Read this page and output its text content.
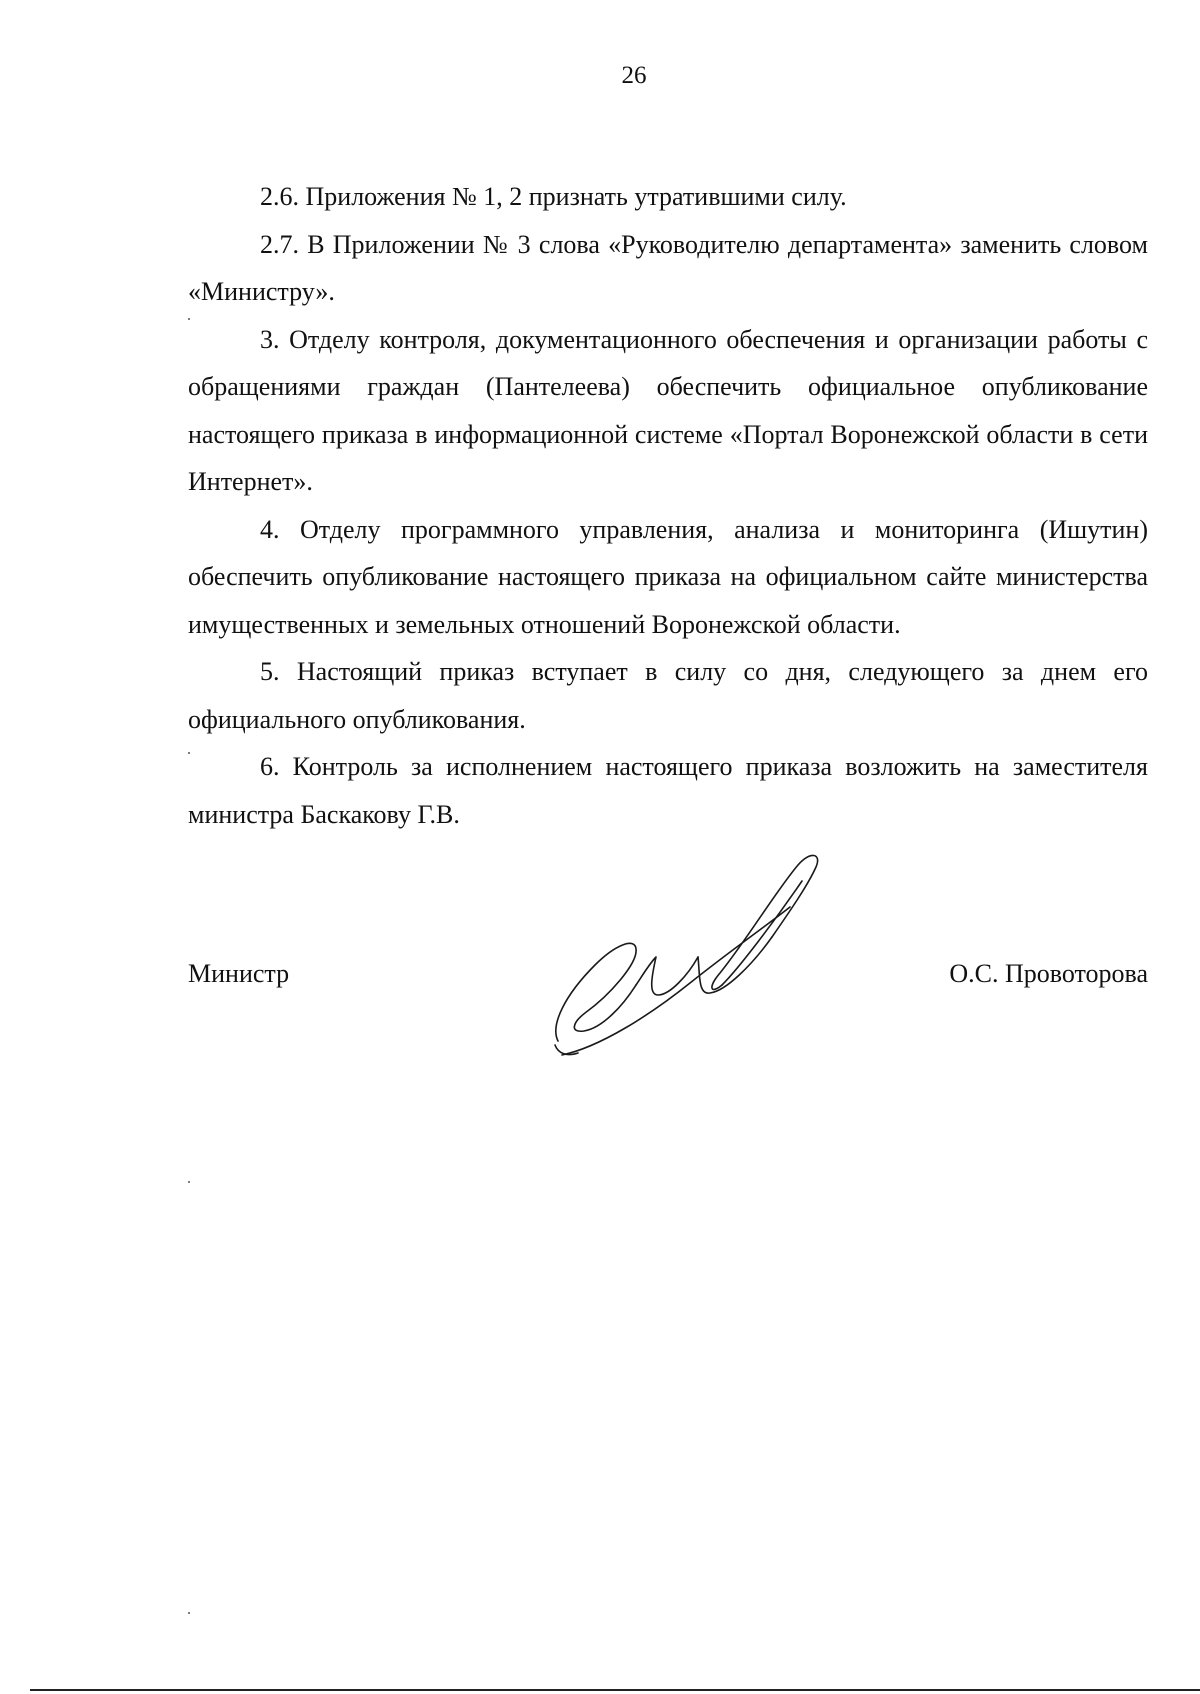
26

2.6. Приложения № 1, 2 признать утратившими силу.

2.7. В Приложении № 3 слова «Руководителю департамента» заменить словом «Министру».

3. Отделу контроля, документационного обеспечения и организации работы с обращениями граждан (Пантелеева) обеспечить официальное опубликование настоящего приказа в информационной системе «Портал Воронежской области в сети Интернет».

4. Отделу программного управления, анализа и мониторинга (Ишутин) обеспечить опубликование настоящего приказа на официальном сайте министерства имущественных и земельных отношений Воронежской области.

5. Настоящий приказ вступает в силу со дня, следующего за днем его официального опубликования.

6. Контроль за исполнением настоящего приказа возложить на заместителя министра Баскакову Г.В.

Министр	О.С. Провоторова
